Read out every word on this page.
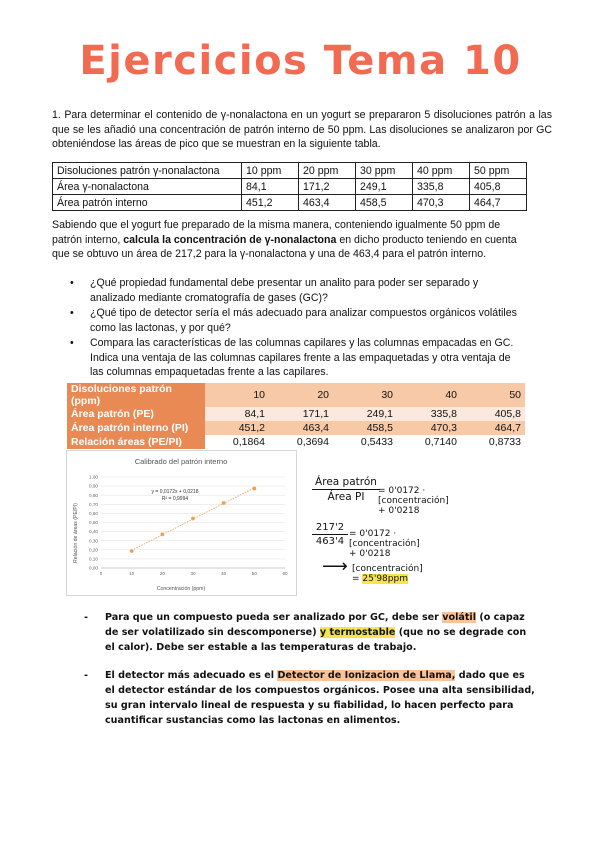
Ejercicios Tema 10
1. Para determinar el contenido de γ-nonalactona en un yogurt se prepararon 5 disoluciones patrón a las que se les añadió una concentración de patrón interno de 50 ppm. Las disoluciones se analizaron por GC obteniéndose las áreas de pico que se muestran en la siguiente tabla.
Disoluciones patrón γ-nonalactona	10 ppm	20 ppm	30 ppm	40 ppm	50 ppm
Área γ-nonalactona	84,1	171,2	249,1	335,8	405,8
Área patrón interno	451,2	463,4	458,5	470,3	464,7
Sabiendo que el yogurt fue preparado de la misma manera, conteniendo igualmente 50 ppm de patrón interno, calcula la concentración de γ-nonalactona en dicho producto teniendo en cuenta que se obtuvo un área de 217,2 para la γ-nonalactona y una de 463,4 para el patrón interno.
• ¿Qué propiedad fundamental debe presentar un analito para poder ser separado y analizado mediante cromatografía de gases (GC)?
• ¿Qué tipo de detector sería el más adecuado para analizar compuestos orgánicos volátiles como las lactonas, y por qué?
• Compara las características de las columnas capilares y las columnas empacadas en GC. Indica una ventaja de las columnas capilares frente a las empaquetadas y otra ventaja de las columnas empaquetadas frente a las capilares.
Disoluciones patrón (ppm)	10	20	30	40	50
Área patrón (PE)	84,1	171,1	249,1	335,8	405,8
Área patrón interno (PI)	451,2	463,4	458,5	470,3	464,7
Relación áreas (PE/PI)	0,1864	0,3694	0,5433	0,7140	0,8733
Calibrado del patrón interno
y = 0,0172x + 0,0218
R² = 0,9994
Concentración (ppm)
Relación de áreas (PE/PI)
0,00
0,10
0,20
0,30
0,40
0,50
0,60
0,70
0,80
0,90
1,00
0	10	20	30	40	50	60
Área patrón
Área PI	= 0'0172 · [concentración] + 0'0218
217'2
463'4
= 0'0172 · [concentración] + 0'0218
⟶ [concentración] = 25'98ppm
- Para que un compuesto pueda ser analizado por GC, debe ser volátil (o capaz de ser volatilizado sin descomponerse) y termostable (que no se degrade con el calor). Debe ser estable a las temperaturas de trabajo.
- El detector más adecuado es el Detector de Ionizacion de Llama, dado que es el detector estándar de los compuestos orgánicos. Posee una alta sensibilidad, su gran intervalo lineal de respuesta y su fiabilidad, lo hacen perfecto para cuantificar sustancias como las lactonas en alimentos.
